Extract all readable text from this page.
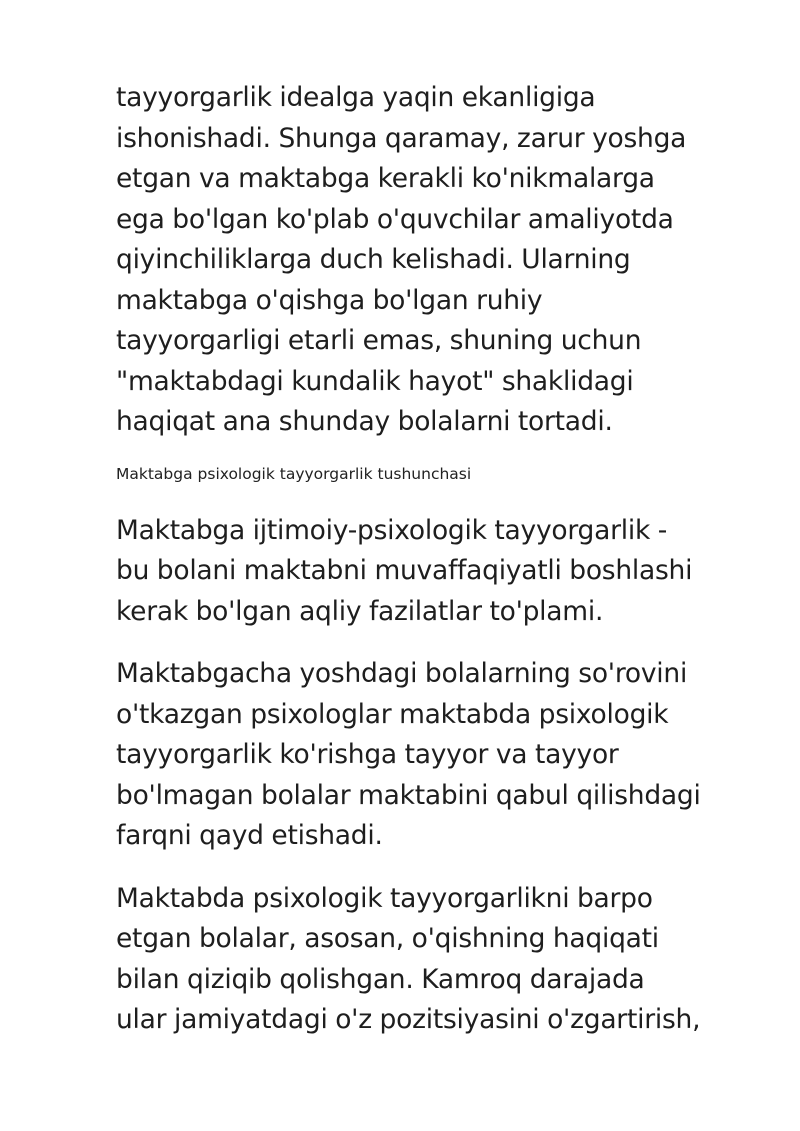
tayyorgarlik idealga yaqin ekanligiga
ishonishadi. Shunga qaramay, zarur yoshga
etgan va maktabga kerakli ko'nikmalarga
ega bo'lgan ko'plab o'quvchilar amaliyotda
qiyinchiliklarga duch kelishadi. Ularning
maktabga o'qishga bo'lgan ruhiy
tayyorgarligi etarli emas, shuning uchun
"maktabdagi kundalik hayot" shaklidagi
haqiqat ana shunday bolalarni tortadi.

Maktabga psixologik tayyorgarlik tushunchasi

Maktabga ijtimoiy-psixologik tayyorgarlik -
bu bolani maktabni muvaffaqiyatli boshlashi
kerak bo'lgan aqliy fazilatlar to'plami.

Maktabgacha yoshdagi bolalarning so'rovini
o'tkazgan psixologlar maktabda psixologik
tayyorgarlik ko'rishga tayyor va tayyor
bo'lmagan bolalar maktabini qabul qilishdagi
farqni qayd etishadi.

Maktabda psixologik tayyorgarlikni barpo
etgan bolalar, asosan, o'qishning haqiqati
bilan qiziqib qolishgan. Kamroq darajada
ular jamiyatdagi o'z pozitsiyasini o'zgartirish,
